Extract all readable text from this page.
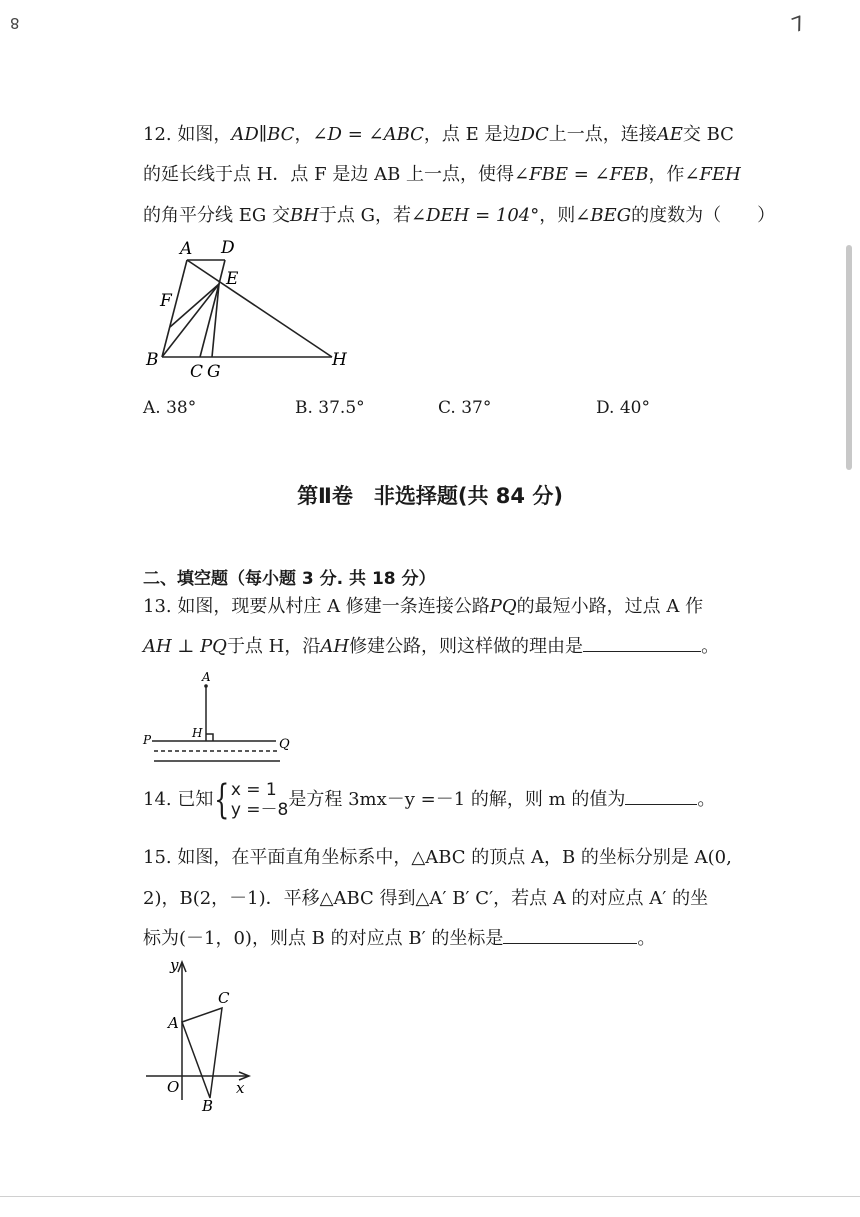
8	7
12. 如图，AD∥BC，∠D = ∠ABC，点 E 是边DC上一点，连接AE交 BC
的延长线于点 H．点 F 是边 AB 上一点，使得∠FBE = ∠FEB，作∠FEH
的角平分线 EG 交BH于点 G，若∠DEH = 104°，则∠BEG的度数为（　　）
A D
E
F
B
C G
H
A. 38°	B. 37.5°	C. 37°	D. 40°
第Ⅱ卷　非选择题(共 84 分)
二、填空题（每小题 3 分. 共 18 分）
13. 如图，现要从村庄 A 修建一条连接公路PQ的最短小路，过点 A 作
AH ⊥ PQ于点 H，沿AH修建公路，则这样做的理由是	。
A
H
P	Q
14. 已知{x = 1
y =－8是方程 3mx－y =－1 的解，则 m 的值为	。
15. 如图，在平面直角坐标系中，△ABC 的顶点 A，B 的坐标分别是 A(0,
2)，B(2，－1)．平移△ABC 得到△A′ B′ C′，若点 A 的对应点 A′ 的坐
标为(－1，0)，则点 B 的对应点 B′ 的坐标是	。
y
x
O
A
B
C
